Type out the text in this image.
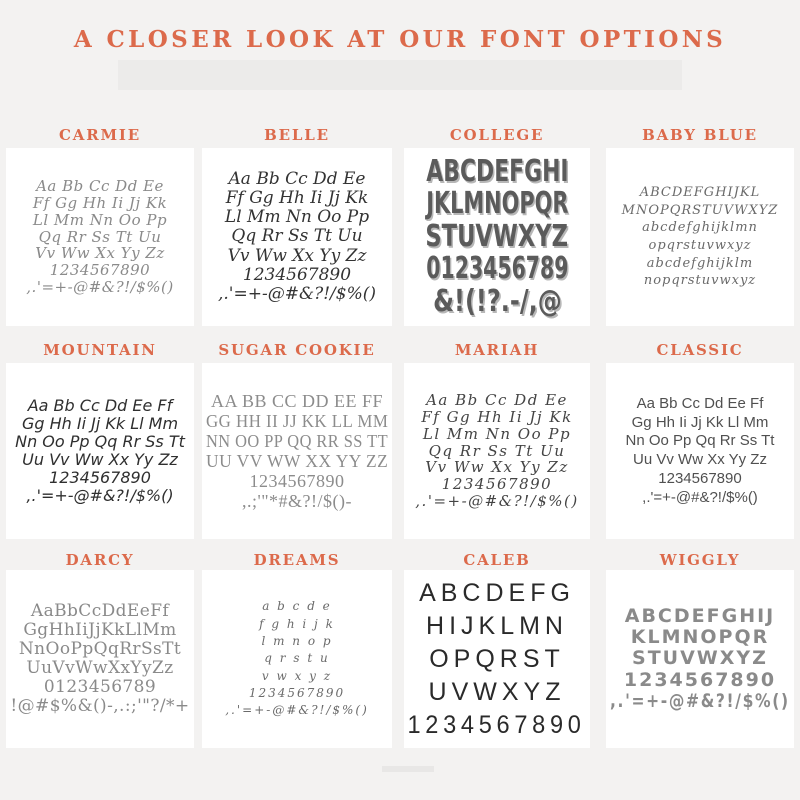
A CLOSER LOOK AT OUR FONT OPTIONS
CARMIE
Aa Bb Cc Dd Ee
Ff Gg Hh Ii Jj Kk
Ll Mm Nn Oo Pp
Qq Rr Ss Tt Uu
Vv Ww Xx Yy Zz
1234567890
,.'=+-@#&?!/$%()
BELLE
Aa Bb Cc Dd Ee
Ff Gg Hh Ii Jj Kk
Ll Mm Nn Oo Pp
Qq Rr Ss Tt Uu
Vv Ww Xx Yy Zz
1234567890
,.'=+-@#&?!/$%()
COLLEGE
ABCDEFGHI
JKLMNOPQR
STUVWXYZ
0123456789
&!(!?.-/,@
BABY BLUE
ABCDEFGHIJKL
MNOPQRSTUVWXYZ
abcdefghijklmn
opqrstuvwxyz
abcdefghijklm
nopqrstuvwxyz
MOUNTAIN
Aa Bb Cc Dd Ee Ff
Gg Hh Ii Jj Kk Ll Mm
Nn Oo Pp Qq Rr Ss Tt
Uu Vv Ww Xx Yy Zz
1234567890
,.'=+-@#&?!/$%()
SUGAR COOKIE
AA BB CC DD EE FF
GG HH II JJ KK LL MM
NN OO PP QQ RR SS TT
UU VV WW XX YY ZZ
1234567890
,.;'"*#&?!/$()-
MARIAH
Aa Bb Cc Dd Ee
Ff Gg Hh Ii Jj Kk
Ll Mm Nn Oo Pp
Qq Rr Ss Tt Uu
Vv Ww Xx Yy Zz
1234567890
,.'=+-@#&?!/$%()
CLASSIC
Aa Bb Cc Dd Ee Ff
Gg Hh Ii Jj Kk Ll Mm
Nn Oo Pp Qq Rr Ss Tt
Uu Vv Ww Xx Yy Zz
1234567890
,.'=+-@#&?!/$%()
DARCY
AaBbCcDdEeFf
GgHhIiJjKkLlMm
NnOoPpQqRrSsTt
UuVvWwXxYyZz
0123456789
!@#$%&()-,.:;'"?/*+
DREAMS
a b c d e
f g h i j k
l m n o p
q r s t u
v w x y z
1234567890
,.'=+-@#&?!/$%()
CALEB
ABCDEFG
HIJKLMN
OPQRST
UVWXYZ
1234567890
WIGGLY
ABCDEFGHIJ
KLMNOPQR
STUVWXYZ
1234567890
,.'=+-@#&?!/$%()
